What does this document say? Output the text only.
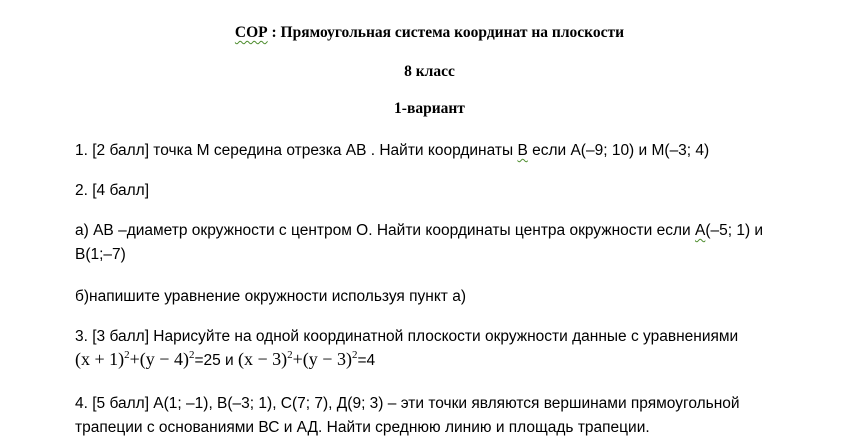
СОР : Прямоугольная система координат на плоскости
8 класс
1-вариант
1. [2 балл] точка M середина отрезка AB . Найти координаты B если A(–9; 10) и M(–3; 4)
2. [4 балл]
а) АВ –диаметр окружности с центром О. Найти координаты центра окружности если А(–5; 1) и
В(1;–7)
б)напишите уравнение окружности используя пункт а)
3. [3 балл] Нарисуйте на одной координатной плоскости окружности данные с уравнениями
$(x + 1)^2+(y - 4)^2=25$ и $(x - 3)^2+(y - 3)^2=4$
4. [5 балл] А(1; –1), В(–3; 1), С(7; 7), Д(9; 3) – эти точки являются вершинами прямоугольной
трапеции с основаниями ВС и АД. Найти среднюю линию и площадь трапеции.
